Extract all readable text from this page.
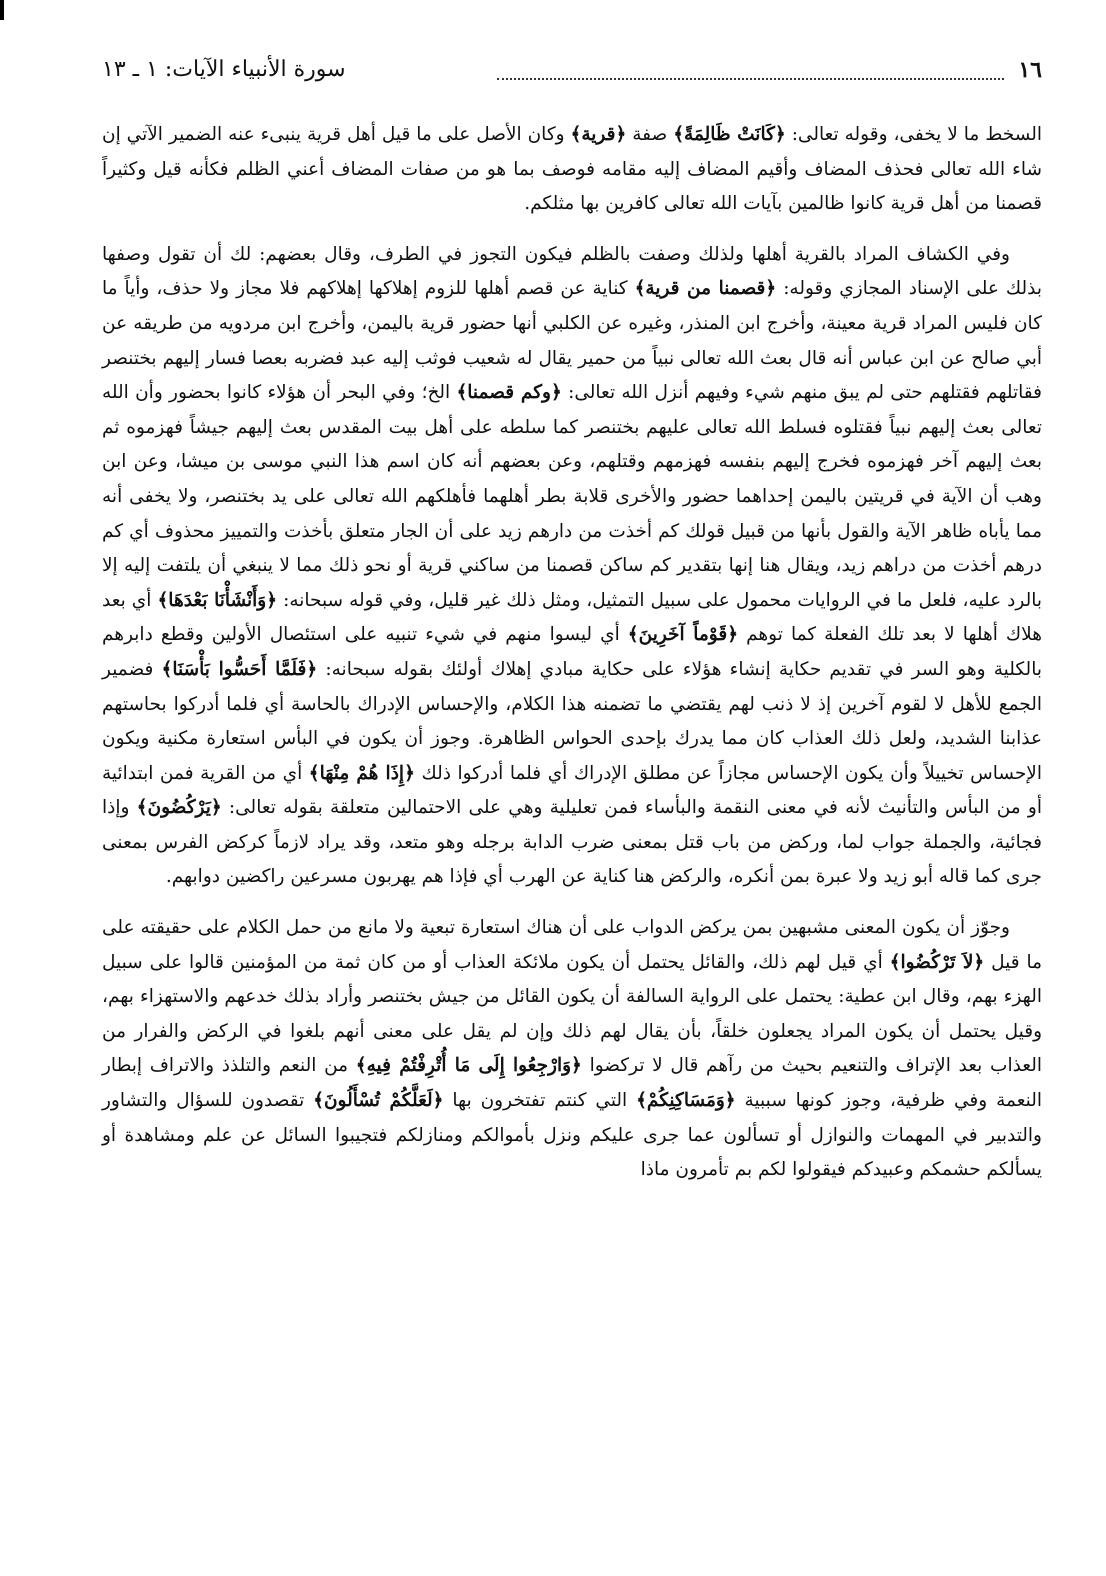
١٦
سورة الأنبياء الآيات: ١ ـ ١٣

السخط ما لا يخفى، وقوله تعالى: ﴿كَانَتْ ظَالِمَةً﴾ صفة ﴿قرية﴾ وكان الأصل على ما قيل أهل قرية ينبىء عنه الضمير الآتي إن شاء الله تعالى فحذف المضاف وأقيم المضاف إليه مقامه فوصف بما هو من صفات المضاف أعني الظلم فكأنه قيل وكثيراً قصمنا من أهل قرية كانوا ظالمين بآيات الله تعالى كافرين بها مثلكم.

وفي الكشاف المراد بالقرية أهلها ولذلك وصفت بالظلم فيكون التجوز في الطرف، وقال بعضهم: لك أن تقول وصفها بذلك على الإسناد المجازي وقوله: ﴿قصمنا من قرية﴾ كناية عن قصم أهلها للزوم إهلاكها إهلاكهم فلا مجاز ولا حذف، وأياً ما كان فليس المراد قرية معينة، وأخرج ابن المنذر، وغيره عن الكلبي أنها حضور قرية باليمن، وأخرج ابن مردويه من طريقه عن أبي صالح عن ابن عباس أنه قال بعث الله تعالى نبياً من حمير يقال له شعيب فوثب إليه عبد فضربه بعصا فسار إليهم بختنصر فقاتلهم فقتلهم حتى لم يبق منهم شيء وفيهم أنزل الله تعالى: ﴿وكم قصمنا﴾ الخ؛ وفي البحر أن هؤلاء كانوا بحضور وأن الله تعالى بعث إليهم نبياً فقتلوه فسلط الله تعالى عليهم بختنصر كما سلطه على أهل بيت المقدس بعث إليهم جيشاً فهزموه ثم بعث إليهم آخر فهزموه فخرج إليهم بنفسه فهزمهم وقتلهم، وعن بعضهم أنه كان اسم هذا النبي موسى بن ميشا، وعن ابن وهب أن الآية في قريتين باليمن إحداهما حضور والأخرى قلابة بطر أهلهما فأهلكهم الله تعالى على يد بختنصر، ولا يخفى أنه مما يأباه ظاهر الآية والقول بأنها من قبيل قولك كم أخذت من دارهم زيد على أن الجار متعلق بأخذت والتمييز محذوف أي كم درهم أخذت من دراهم زيد، ويقال هنا إنها بتقدير كم ساكن قصمنا من ساكني قرية أو نحو ذلك مما لا ينبغي أن يلتفت إليه إلا بالرد عليه، فلعل ما في الروايات محمول على سبيل التمثيل، ومثل ذلك غير قليل، وفي قوله سبحانه: ﴿وَأَنْشَأْنَا بَعْدَهَا﴾ أي بعد هلاك أهلها لا بعد تلك الفعلة كما توهم ﴿قَوْماً آخَرِينَ﴾ أي ليسوا منهم في شيء تنبيه على استئصال الأولين وقطع دابرهم بالكلية وهو السر في تقديم حكاية إنشاء هؤلاء على حكاية مبادي إهلاك أولئك بقوله سبحانه: ﴿فَلَمَّا أَحَسُّوا بَأْسَنَا﴾ فضمير الجمع للأهل لا لقوم آخرين إذ لا ذنب لهم يقتضي ما تضمنه هذا الكلام، والإحساس الإدراك بالحاسة أي فلما أدركوا بحاستهم عذابنا الشديد، ولعل ذلك العذاب كان مما يدرك بإحدى الحواس الظاهرة. وجوز أن يكون في البأس استعارة مكنية ويكون الإحساس تخييلاً وأن يكون الإحساس مجازاً عن مطلق الإدراك أي فلما أدركوا ذلك ﴿إِذَا هُمْ مِنْهَا﴾ أي من القرية فمن ابتدائية أو من البأس والتأنيث لأنه في معنى النقمة والبأساء فمن تعليلية وهي على الاحتمالين متعلقة بقوله تعالى: ﴿يَرْكُضُونَ﴾ وإذا فجائية، والجملة جواب لما، وركض من باب قتل بمعنى ضرب الدابة برجله وهو متعد، وقد يراد لازماً كركض الفرس بمعنى جرى كما قاله أبو زيد ولا عبرة بمن أنكره، والركض هنا كناية عن الهرب أي فإذا هم يهربون مسرعين راكضين دوابهم.

وجوّز أن يكون المعنى مشبهين بمن يركض الدواب على أن هناك استعارة تبعية ولا مانع من حمل الكلام على حقيقته على ما قيل ﴿لاَ تَرْكُضُوا﴾ أي قيل لهم ذلك، والقائل يحتمل أن يكون ملائكة العذاب أو من كان ثمة من المؤمنين قالوا على سبيل الهزء بهم، وقال ابن عطية: يحتمل على الرواية السالفة أن يكون القائل من جيش بختنصر وأراد بذلك خدعهم والاستهزاء بهم، وقيل يحتمل أن يكون المراد يجعلون خلقاً، بأن يقال لهم ذلك وإن لم يقل على معنى أنهم بلغوا في الركض والفرار من العذاب بعد الإتراف والتنعيم بحيث من رآهم قال لا تركضوا ﴿وَارْجِعُوا إِلَى مَا أُتْرِفْتُمْ فِيهِ﴾ من النعم والتلذذ والاتراف إبطار النعمة وفي ظرفية، وجوز كونها سببية ﴿وَمَسَاكِنِكُمْ﴾ التي كنتم تفتخرون بها ﴿لَعَلَّكُمْ تُسْأَلُونَ﴾ تقصدون للسؤال والتشاور والتدبير في المهمات والنوازل أو تسألون عما جرى عليكم ونزل بأموالكم ومنازلكم فتجيبوا السائل عن علم ومشاهدة أو يسألكم حشمكم وعبيدكم فيقولوا لكم بم تأمرون ماذا
